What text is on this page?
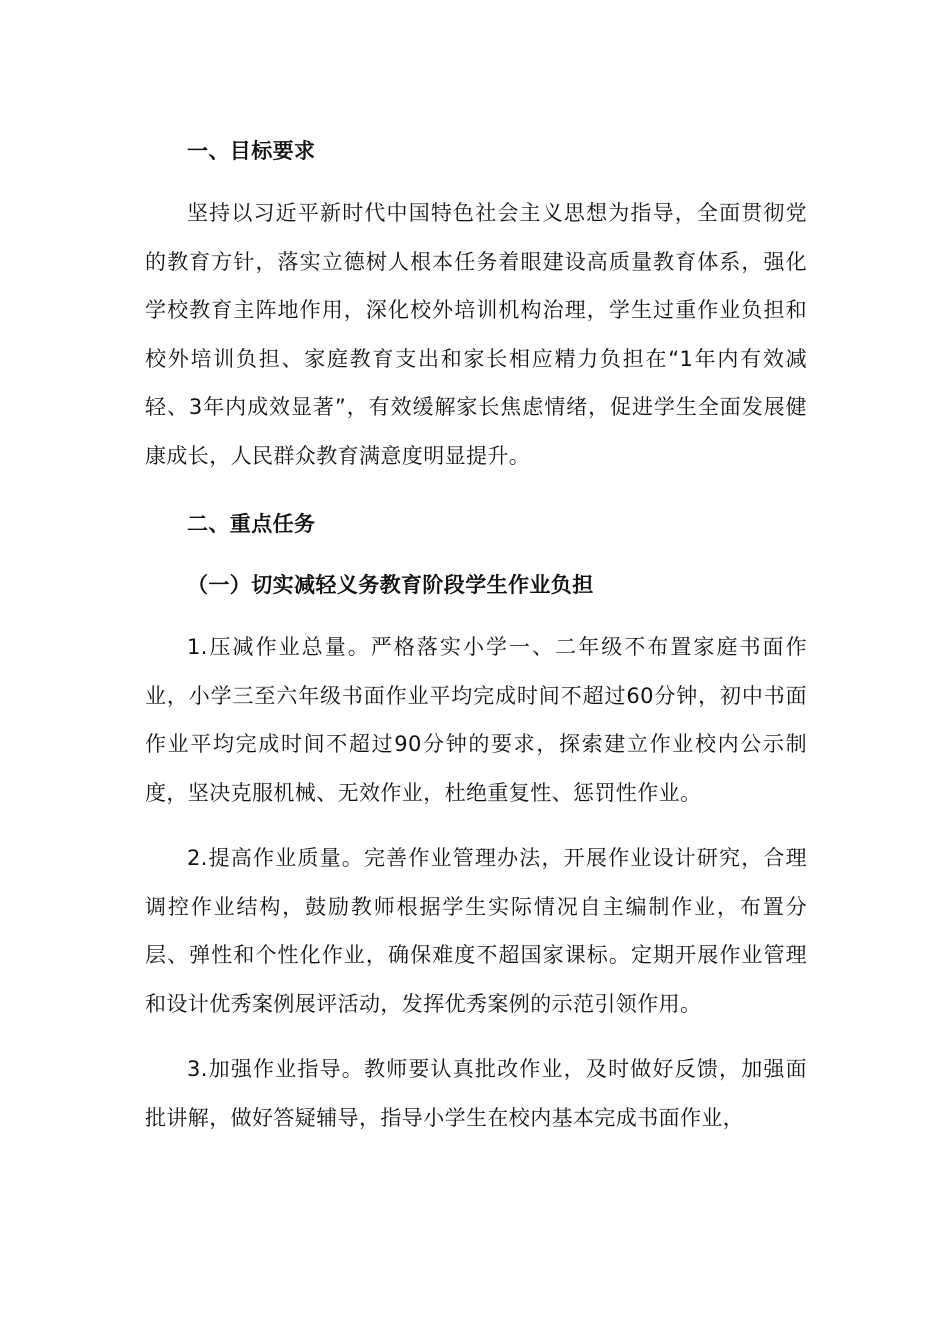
一、目标要求
坚持以习近平新时代中国特色社会主义思想为指导，全面贯彻党的教育方针，落实立德树人根本任务着眼建设高质量教育体系，强化学校教育主阵地作用，深化校外培训机构治理，学生过重作业负担和校外培训负担、家庭教育支出和家长相应精力负担在“1年内有效减轻、3年内成效显著”，有效缓解家长焦虑情绪，促进学生全面发展健康成长，人民群众教育满意度明显提升。
二、重点任务
（一）切实减轻义务教育阶段学生作业负担
1.压减作业总量。严格落实小学一、二年级不布置家庭书面作业，小学三至六年级书面作业平均完成时间不超过60分钟，初中书面作业平均完成时间不超过90分钟的要求，探索建立作业校内公示制度，坚决克服机械、无效作业，杜绝重复性、惩罚性作业。
2.提高作业质量。完善作业管理办法，开展作业设计研究，合理调控作业结构，鼓励教师根据学生实际情况自主编制作业，布置分层、弹性和个性化作业，确保难度不超国家课标。定期开展作业管理和设计优秀案例展评活动，发挥优秀案例的示范引领作用。
3.加强作业指导。教师要认真批改作业，及时做好反馈，加强面批讲解，做好答疑辅导，指导小学生在校内基本完成书面作业，
